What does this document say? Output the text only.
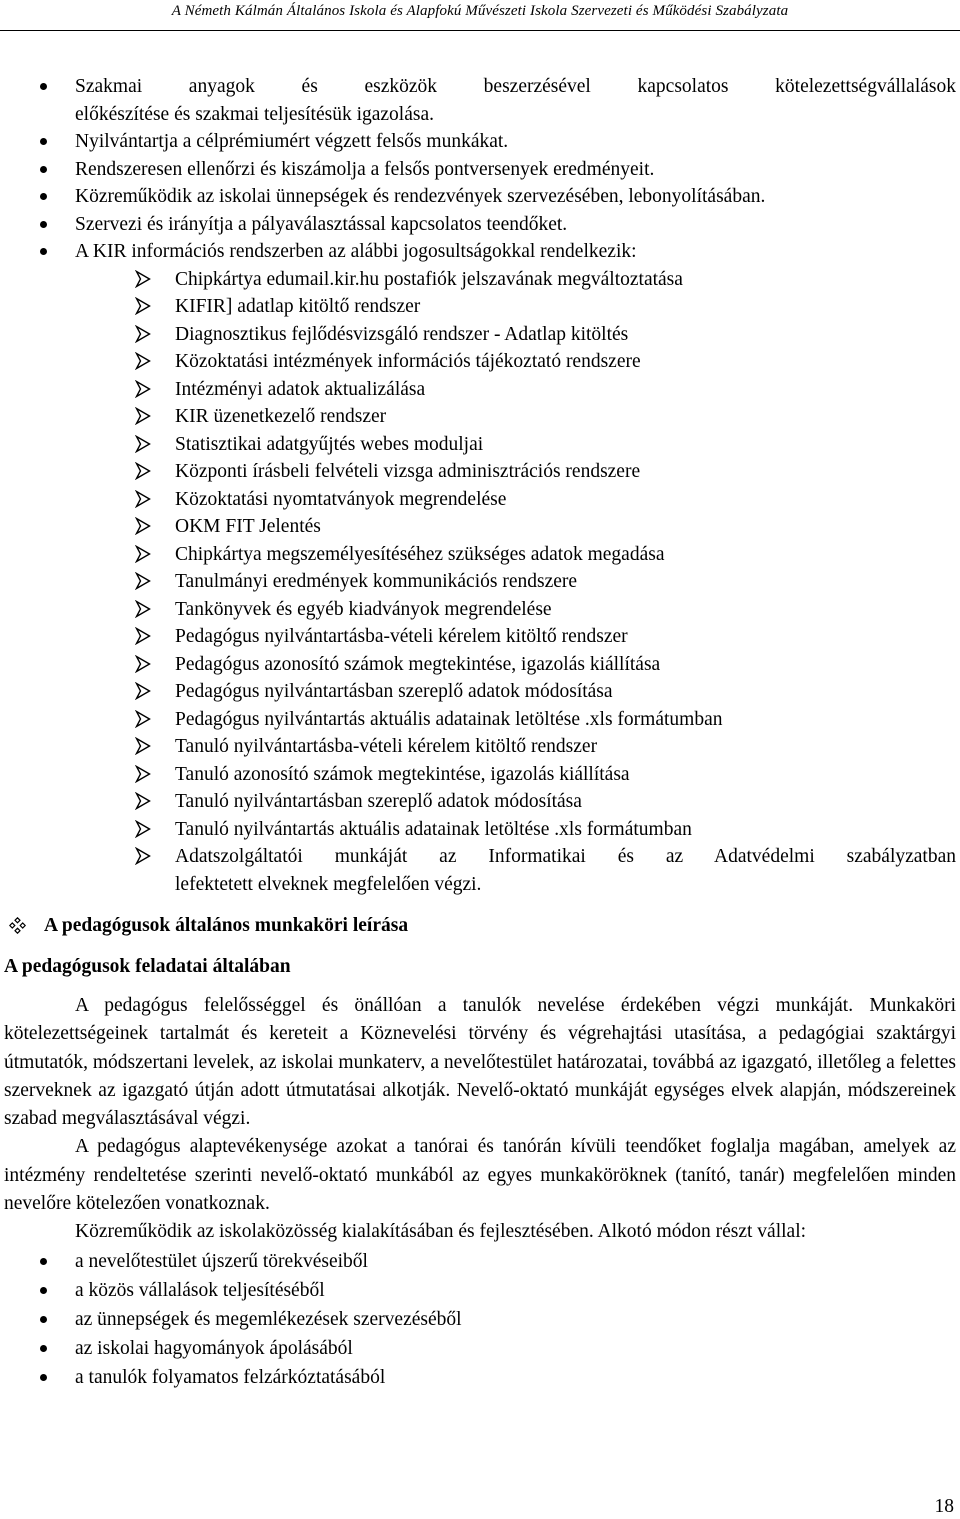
A Németh Kálmán Általános Iskola és Alapfokú Művészeti Iskola Szervezeti és Működési Szabályzata
Szakmai anyagok és eszközök beszerzésével kapcsolatos kötelezettségvállalások
előkészítése és szakmai teljesítésük igazolása.
Nyilvántartja a célprémiumért végzett felsős munkákat.
Rendszeresen ellenőrzi és kiszámolja a felsős pontversenyek eredményeit.
Közreműködik az iskolai ünnepségek és rendezvények szervezésében, lebonyolításában.
Szervezi és irányítja a pályaválasztással kapcsolatos teendőket.
A KIR információs rendszerben az alábbi jogosultságokkal rendelkezik:
Chipkártya edumail.kir.hu postafiók jelszavának megváltoztatása
KIFIR] adatlap kitöltő rendszer
Diagnosztikus fejlődésvizsgáló rendszer - Adatlap kitöltés
Közoktatási intézmények információs tájékoztató rendszere
Intézményi adatok aktualizálása
KIR üzenetkezelő rendszer
Statisztikai adatgyűjtés webes moduljai
Központi írásbeli felvételi vizsga adminisztrációs rendszere
Közoktatási nyomtatványok megrendelése
OKM FIT Jelentés
Chipkártya megszemélyesítéséhez szükséges adatok megadása
Tanulmányi eredmények kommunikációs rendszere
Tankönyvek és egyéb kiadványok megrendelése
Pedagógus nyilvántartásba-vételi kérelem kitöltő rendszer
Pedagógus azonosító számok megtekintése, igazolás kiállítása
Pedagógus nyilvántartásban szereplő adatok módosítása
Pedagógus nyilvántartás aktuális adatainak letöltése .xls formátumban
Tanuló nyilvántartásba-vételi kérelem kitöltő rendszer
Tanuló azonosító számok megtekintése, igazolás kiállítása
Tanuló nyilvántartásban szereplő adatok módosítása
Tanuló nyilvántartás aktuális adatainak letöltése .xls formátumban
Adatszolgáltatói munkáját az Informatikai és az Adatvédelmi szabályzatban
lefektetett elveknek megfelelően végzi.
A pedagógusok általános munkaköri leírása
A pedagógusok feladatai általában
A pedagógus felelősséggel és önállóan a tanulók nevelése érdekében végzi munkáját. Munkaköri kötelezettségeinek tartalmát és kereteit a Köznevelési törvény és végrehajtási utasítása, a pedagógiai szaktárgyi útmutatók, módszertani levelek, az iskolai munkaterv, a nevelőtestület határozatai, továbbá az igazgató, illetőleg a felettes szerveknek az igazgató útján adott útmutatásai alkotják. Nevelő-oktató munkáját egységes elvek alapján, módszereinek szabad megválasztásával végzi.
A pedagógus alaptevékenysége azokat a tanórai és tanórán kívüli teendőket foglalja magában, amelyek az intézmény rendeltetése szerinti nevelő-oktató munkából az egyes munkaköröknek (tanító, tanár) megfelelően minden nevelőre kötelezően vonatkoznak.
Közreműködik az iskolaközösség kialakításában és fejlesztésében. Alkotó módon részt vállal:
a nevelőtestület újszerű törekvéseiből
a közös vállalások teljesítéséből
az ünnepségek és megemlékezések szervezéséből
az iskolai hagyományok ápolásából
a tanulók folyamatos felzárkóztatásából
18
